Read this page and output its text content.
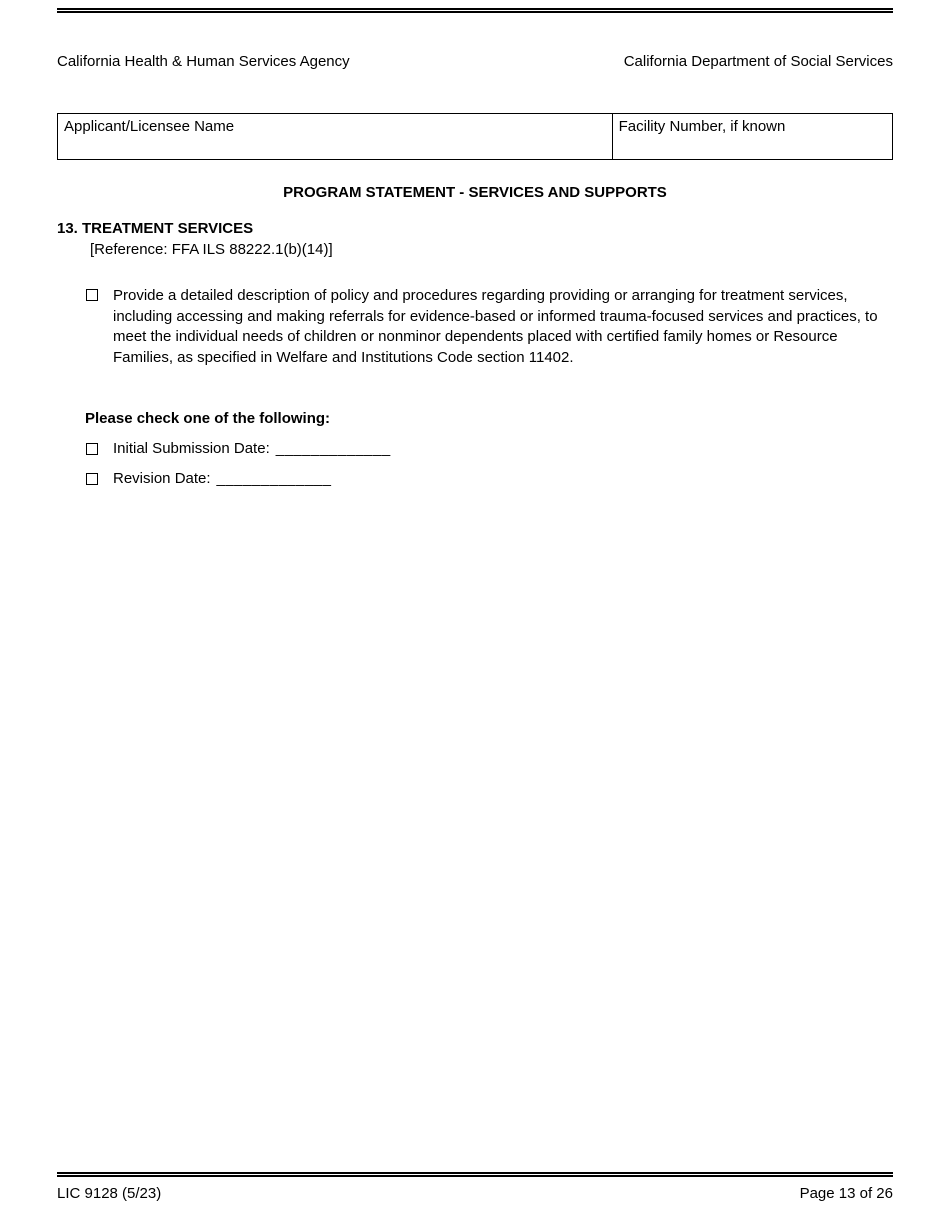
California Health & Human Services Agency	California Department of Social Services
Applicant/Licensee Name	Facility Number, if known
PROGRAM STATEMENT - SERVICES AND SUPPORTS
13. TREATMENT SERVICES
[Reference: FFA ILS 88222.1(b)(14)]
Provide a detailed description of policy and procedures regarding providing or arranging for treatment services, including accessing and making referrals for evidence-based or informed trauma-focused services and practices, to meet the individual needs of children or nonminor dependents placed with certified family homes or Resource Families, as specified in Welfare and Institutions Code section 11402.
Please check one of the following:
Initial Submission Date: _____________
Revision Date: _____________
LIC 9128 (5/23)	Page 13 of 26
